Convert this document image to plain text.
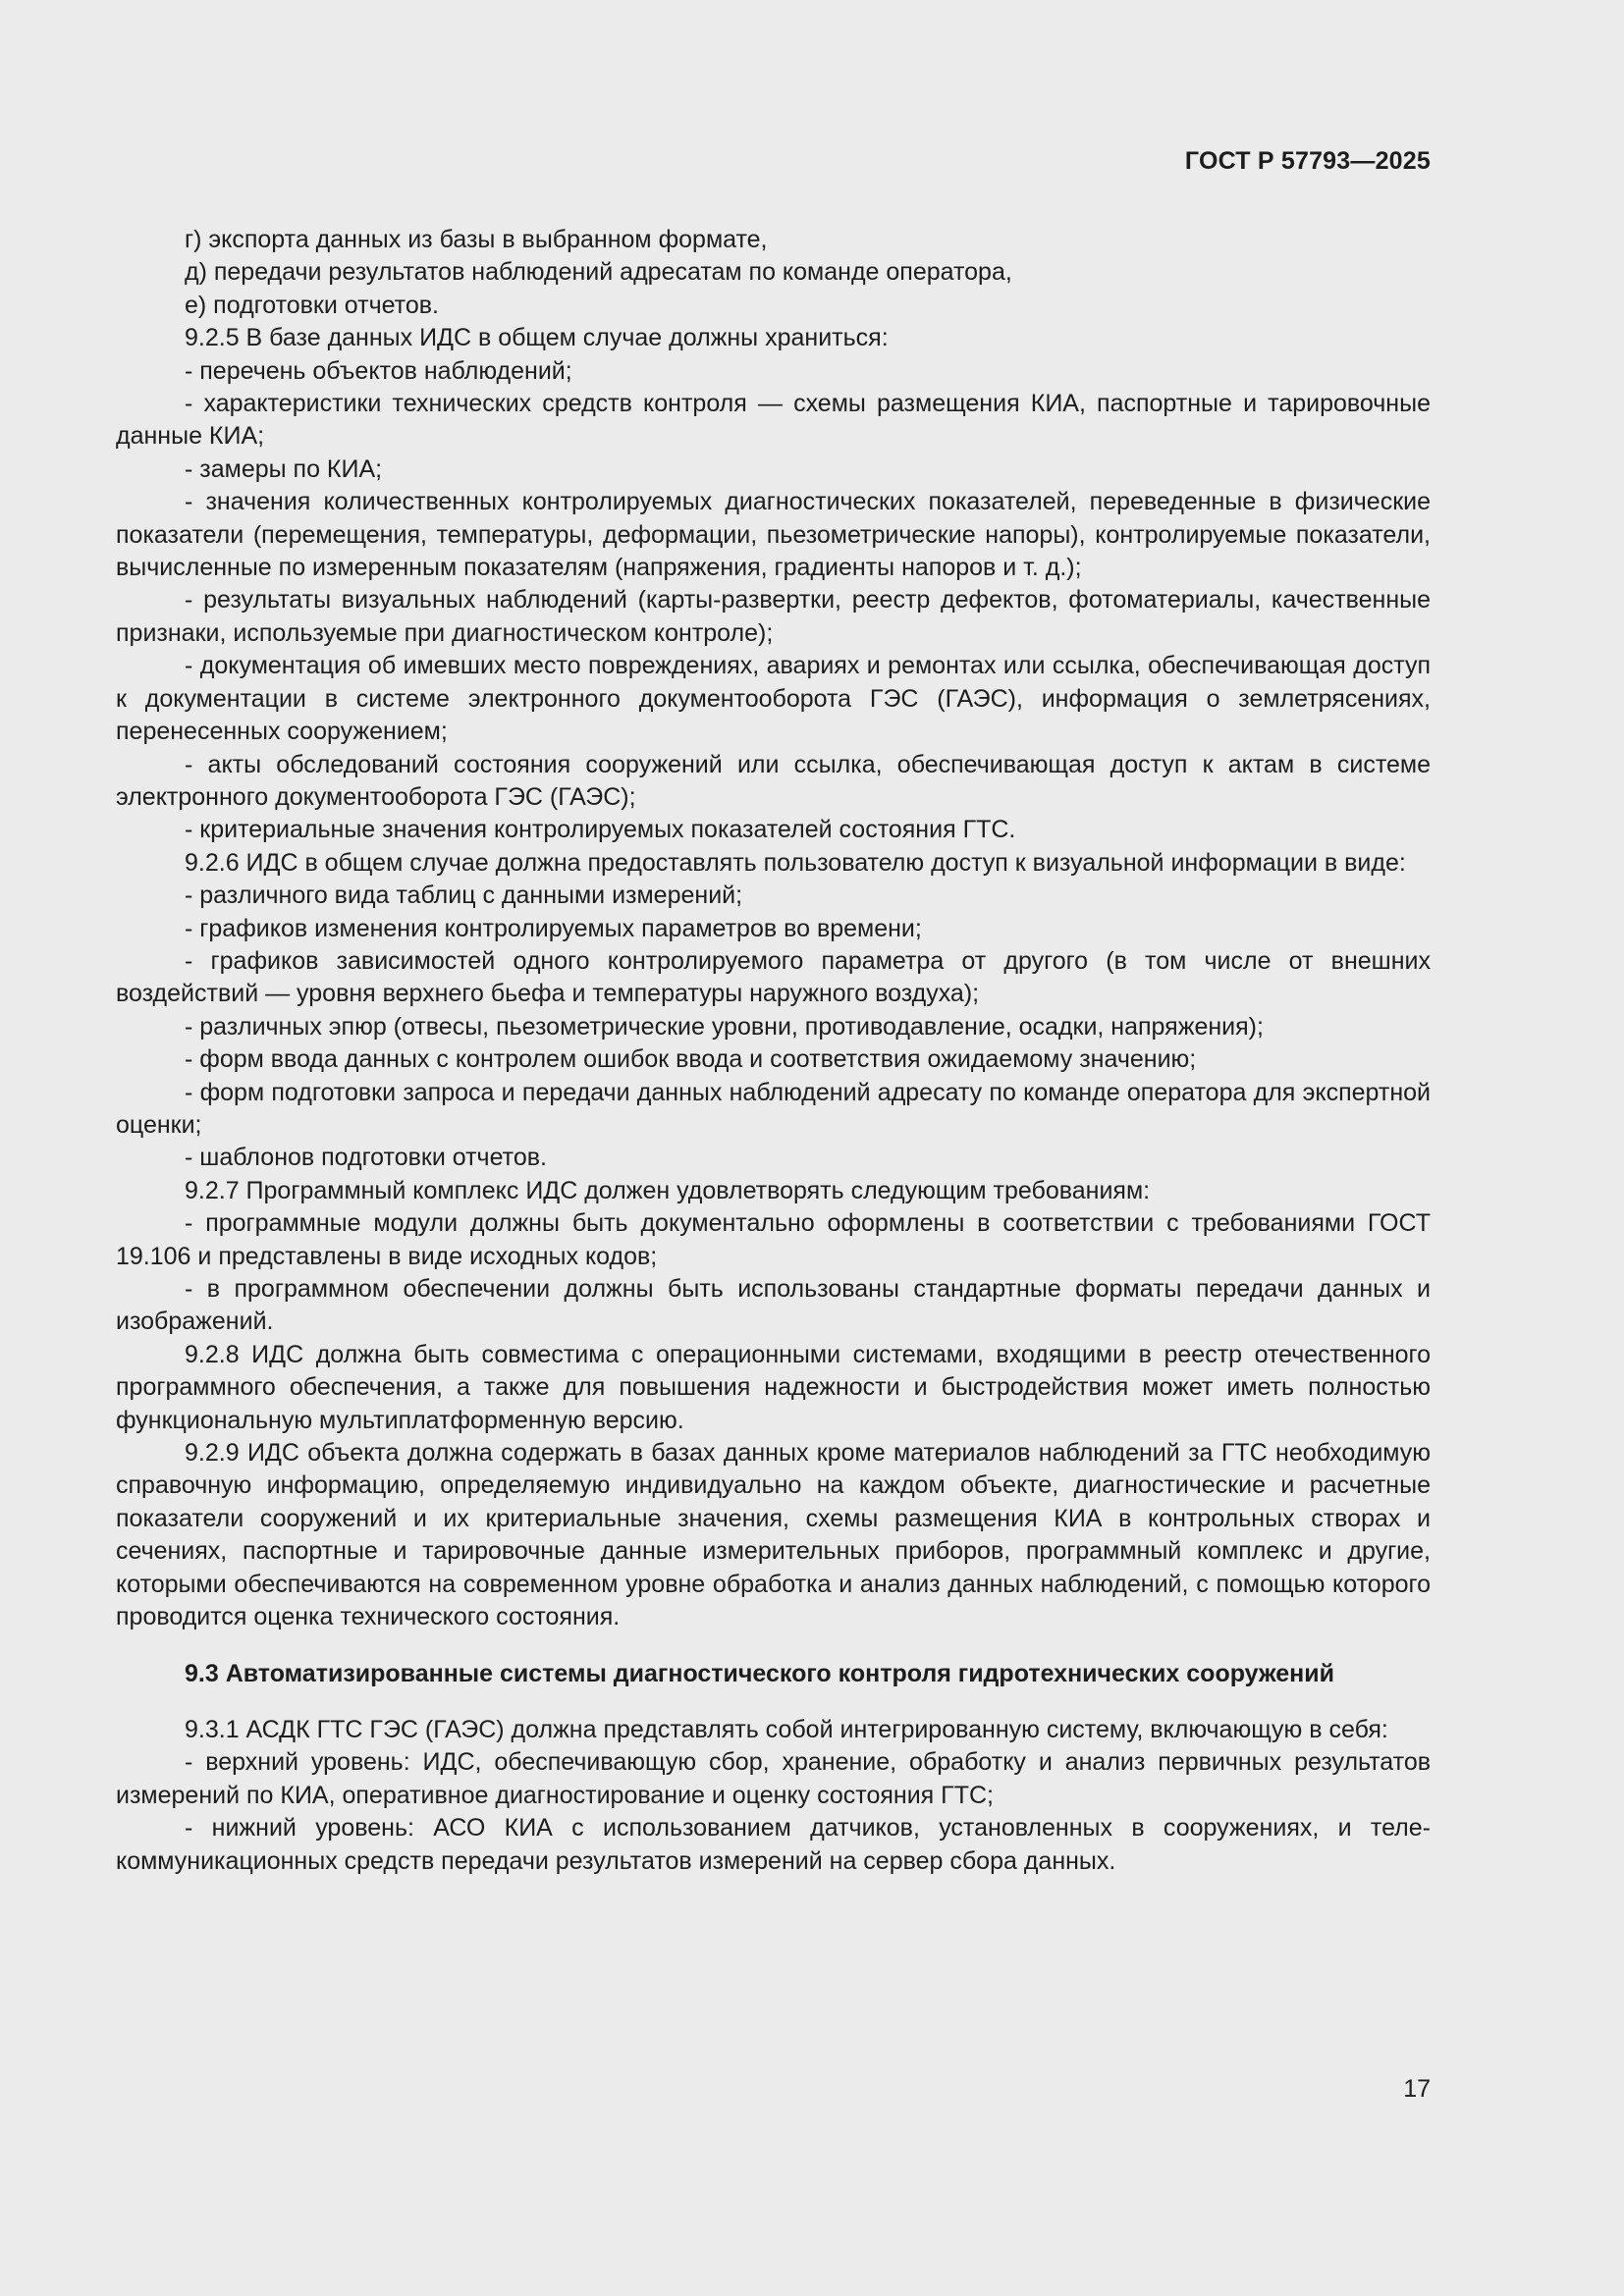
ГОСТ Р 57793—2025

г) экспорта данных из базы в выбранном формате,

д) передачи результатов наблюдений адресатам по команде оператора,

е) подготовки отчетов.

9.2.5 В базе данных ИДС в общем случае должны храниться:

- перечень объектов наблюдений;

- характеристики технических средств контроля — схемы размещения КИА, паспортные и тарировочные данные КИА;

- замеры по КИА;

- значения количественных контролируемых диагностических показателей, переведенные в физические показатели (перемещения, температуры, деформации, пьезометрические напоры), контролируемые показатели, вычисленные по измеренным показателям (напряжения, градиенты напоров и т. д.);

- результаты визуальных наблюдений (карты-развертки, реестр дефектов, фотоматериалы, качественные признаки, используемые при диагностическом контроле);

- документация об имевших место повреждениях, авариях и ремонтах или ссылка, обеспечивающая доступ к документации в системе электронного документооборота ГЭС (ГАЭС), информация о землетрясениях, перенесенных сооружением;

- акты обследований состояния сооружений или ссылка, обеспечивающая доступ к актам в системе электронного документооборота ГЭС (ГАЭС);

- критериальные значения контролируемых показателей состояния ГТС.

9.2.6 ИДС в общем случае должна предоставлять пользователю доступ к визуальной информации в виде:

- различного вида таблиц с данными измерений;

- графиков изменения контролируемых параметров во времени;

- графиков зависимостей одного контролируемого параметра от другого (в том числе от внешних воздействий — уровня верхнего бьефа и температуры наружного воздуха);

- различных эпюр (отвесы, пьезометрические уровни, противодавление, осадки, напряжения);

- форм ввода данных с контролем ошибок ввода и соответствия ожидаемому значению;

- форм подготовки запроса и передачи данных наблюдений адресату по команде оператора для экспертной оценки;

- шаблонов подготовки отчетов.

9.2.7 Программный комплекс ИДС должен удовлетворять следующим требованиям:

- программные модули должны быть документально оформлены в соответствии с требованиями ГОСТ 19.106 и представлены в виде исходных кодов;

- в программном обеспечении должны быть использованы стандартные форматы передачи данных и изображений.

9.2.8 ИДС должна быть совместима с операционными системами, входящими в реестр отечественного программного обеспечения, а также для повышения надежности и быстродействия может иметь полностью функциональную мультиплатформенную версию.

9.2.9 ИДС объекта должна содержать в базах данных кроме материалов наблюдений за ГТС необходимую справочную информацию, определяемую индивидуально на каждом объекте, диагностические и расчетные показатели сооружений и их критериальные значения, схемы размещения КИА в контрольных створах и сечениях, паспортные и тарировочные данные измерительных приборов, программный комплекс и другие, которыми обеспечиваются на современном уровне обработка и анализ данных наблюдений, с помощью которого проводится оценка технического состояния.

9.3 Автоматизированные системы диагностического контроля гидротехнических сооружений

9.3.1 АСДК ГТС ГЭС (ГАЭС) должна представлять собой интегрированную систему, включающую в себя:

- верхний уровень: ИДС, обеспечивающую сбор, хранение, обработку и анализ первичных результатов измерений по КИА, оперативное диагностирование и оценку состояния ГТС;

- нижний уровень: АСО КИА с использованием датчиков, установленных в сооружениях, и телекоммуникационных средств передачи результатов измерений на сервер сбора данных.

17
